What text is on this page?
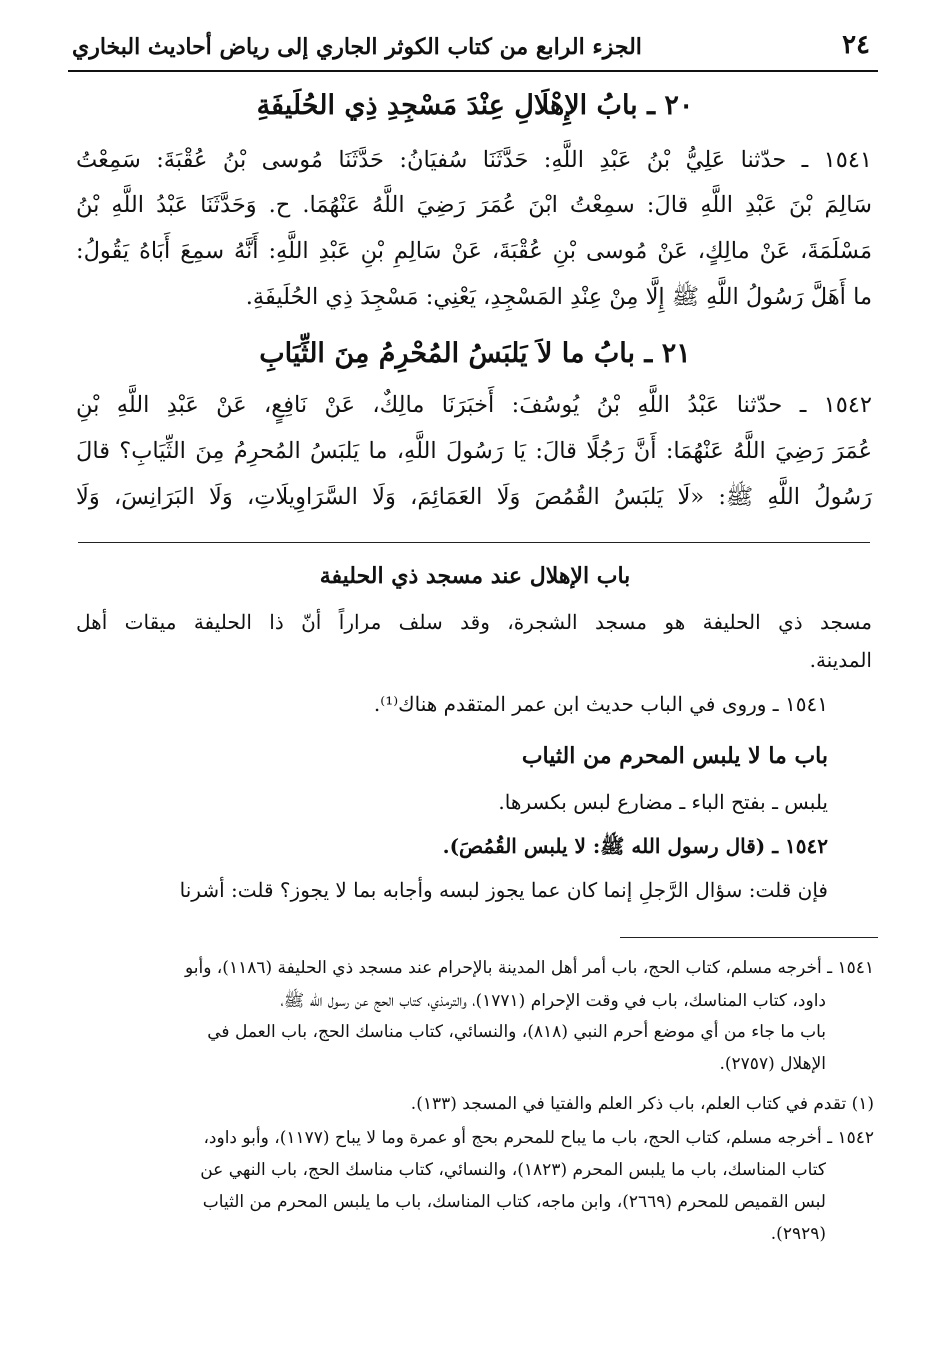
٢٤
الجزء الرابع من كتاب الكوثر الجاري إلى رياض أحاديث البخاري
٢٠ ـ بابُ الإِهْلَالِ عِنْدَ مَسْجِدِ ذِي الحُلَيفَةِ
١٥٤١ ـ حدّثنا عَلِيُّ بْنُ عَبْدِ اللَّهِ: حَدَّثَنَا سُفيَانُ: حَدَّثَنَا مُوسى بْنُ عُقْبَةَ: سَمِعْتُ
سَالِمَ بْنَ عَبْدِ اللَّهِ قالَ: سمِعْتُ ابْنَ عُمَرَ رَضِيَ اللَّهُ عَنْهُمَا. ح. وَحَدَّثَنَا عَبْدُ اللَّهِ بْنُ
مَسْلَمَةَ، عَنْ مالِكٍ، عَنْ مُوسى بْنِ عُقْبَةَ، عَنْ سَالِمِ بْنِ عَبْدِ اللَّهِ: أَنَّهُ سمِعَ أَبَاهُ يَقُولُ:
ما أَهَلَّ رَسُولُ اللَّهِ ﷺ إِلَّا مِنْ عِنْدِ المَسْجِدِ، يَعْنِي: مَسْجِدَ ذِي الحُلَيفَةِ.
٢١ ـ بابُ ما لاَ يَلبَسُ المُحْرِمُ مِنَ الثِّيَابِ
١٥٤٢ ـ حدّثنا عَبْدُ اللَّهِ بْنُ يُوسُفَ: أَخبَرَنَا مالِكٌ، عَنْ نَافِعٍ، عَنْ عَبْدِ اللَّهِ بْنِ
عُمَرَ رَضِيَ اللَّهُ عَنْهُمَا: أَنَّ رَجُلًا قالَ: يَا رَسُولَ اللَّهِ، ما يَلبَسُ المُحرِمُ مِنَ الثِّيَابِ؟ قالَ
رَسُولُ اللَّهِ ﷺ: «لَا يَلبَسُ القُمُصَ وَلَا العَمَائِمَ، وَلَا السَّرَاوِيلَاتِ، وَلَا البَرَانِسَ، وَلَا
باب الإهلال عند مسجد ذي الحليفة
مسجد ذي الحليفة هو مسجد الشجرة، وقد سلف مراراً أنّ ذا الحليفة ميقات أهل
المدينة.
١٥٤١ ـ وروى في الباب حديث ابن عمر المتقدم هناك⁽¹⁾.
باب ما لا يلبس المحرم من الثياب
يلبس ـ بفتح الباء ـ مضارع لبس بكسرها.
١٥٤٢ ـ (قال رسول الله ﷺ: لا يلبس القُمُصَ).
فإن قلت: سؤال الرَّجلِ إنما كان عما يجوز لبسه وأجابه بما لا يجوز؟ قلت: أشرنا
١٥٤١ ـ أخرجه مسلم، كتاب الحج، باب أمر أهل المدينة بالإحرام عند مسجد ذي الحليفة (١١٨٦)، وأبو
داود، كتاب المناسك، باب في وقت الإحرام (١٧٧١)، والترمذي، كتاب الحج عن رسول الله ﷺ،
باب ما جاء من أي موضع أحرم النبي (٨١٨)، والنسائي، كتاب مناسك الحج، باب العمل في
الإهلال (٢٧٥٧).
(١) تقدم في كتاب العلم، باب ذكر العلم والفتيا في المسجد (١٣٣).
١٥٤٢ ـ أخرجه مسلم، كتاب الحج، باب ما يباح للمحرم بحج أو عمرة وما لا يباح (١١٧٧)، وأبو داود،
كتاب المناسك، باب ما يلبس المحرم (١٨٢٣)، والنسائي، كتاب مناسك الحج، باب النهي عن
لبس القميص للمحرم (٢٦٦٩)، وابن ماجه، كتاب المناسك، باب ما يلبس المحرم من الثياب
(٢٩٢٩).
